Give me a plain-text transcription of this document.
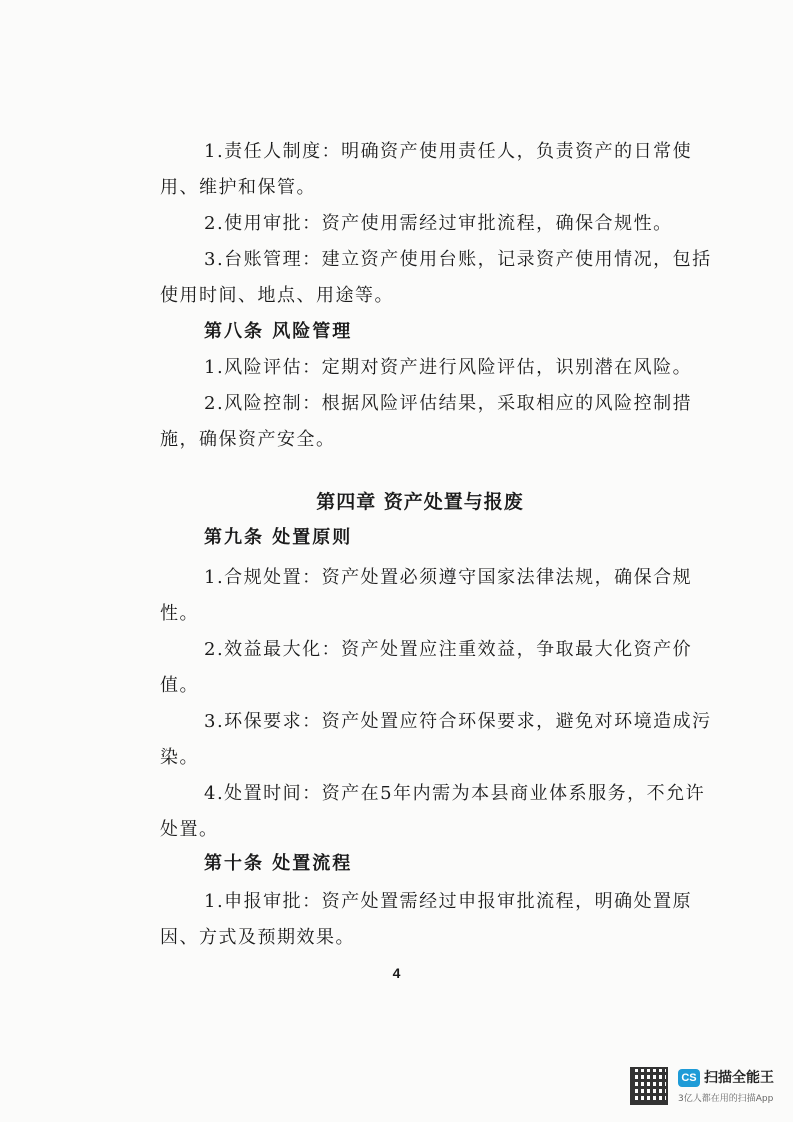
1.责任人制度：明确资产使用责任人，负责资产的日常使用、维护和保管。

2.使用审批：资产使用需经过审批流程，确保合规性。

3.台账管理：建立资产使用台账，记录资产使用情况，包括使用时间、地点、用途等。

第八条 风险管理

1.风险评估：定期对资产进行风险评估，识别潜在风险。

2.风险控制：根据风险评估结果，采取相应的风险控制措施，确保资产安全。

第四章 资产处置与报废

第九条 处置原则

1.合规处置：资产处置必须遵守国家法律法规，确保合规性。

2.效益最大化：资产处置应注重效益，争取最大化资产价值。

3.环保要求：资产处置应符合环保要求，避免对环境造成污染。

4.处置时间：资产在5年内需为本县商业体系服务，不允许处置。

第十条 处置流程

1.申报审批：资产处置需经过申报审批流程，明确处置原因、方式及预期效果。

4
CS 扫描全能王
3亿人都在用的扫描App
